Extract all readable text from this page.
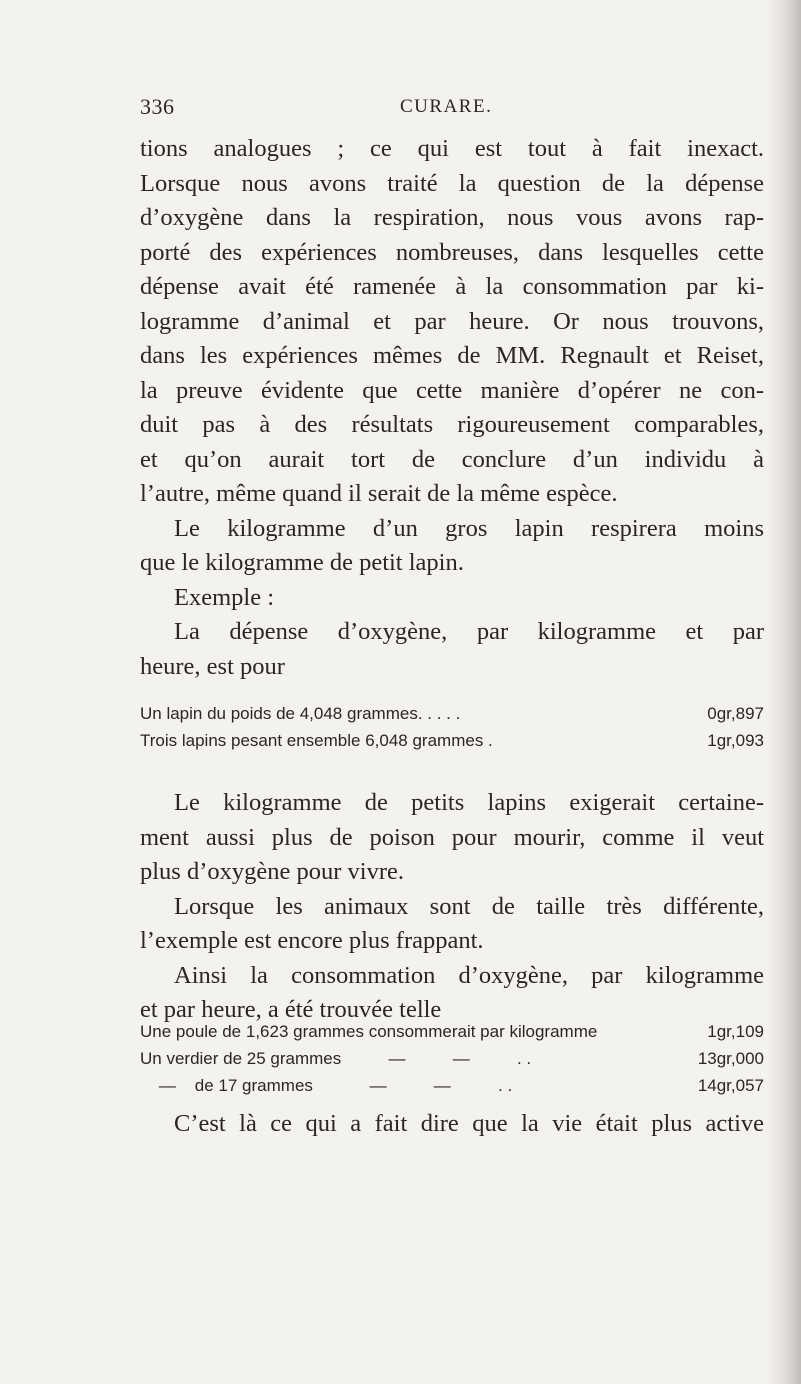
336	CURARE.
tions analogues ; ce qui est tout à fait inexact.
Lorsque nous avons traité la question de la dépense
d’oxygène dans la respiration, nous vous avons rap-
porté des expériences nombreuses, dans lesquelles cette
dépense avait été ramenée à la consommation par ki-
logramme d’animal et par heure. Or nous trouvons,
dans les expériences mêmes de MM. Regnault et Reiset,
la preuve évidente que cette manière d’opérer ne con-
duit pas à des résultats rigoureusement comparables,
et qu’on aurait tort de conclure d’un individu à
l’autre, même quand il serait de la même espèce.
Le kilogramme d’un gros lapin respirera moins
que le kilogramme de petit lapin.
Exemple :
La dépense d’oxygène, par kilogramme et par
heure, est pour
Un lapin du poids de 4,048 grammes. . . . .	0gr,897
Trois lapins pesant ensemble 6,048 grammes .	1gr,093
Le kilogramme de petits lapins exigerait certaine-
ment aussi plus de poison pour mourir, comme il veut
plus d’oxygène pour vivre.
Lorsque les animaux sont de taille très différente,
l’exemple est encore plus frappant.
Ainsi la consommation d’oxygène, par kilogramme
et par heure, a été trouvée telle
Une poule de 1,623 grammes consommerait par kilogramme	1gr,109
Un verdier de 25 grammes          —          —          . .	13gr,000
—    de 17 grammes            —          —          . .	14gr,057
C’est là ce qui a fait dire que la vie était plus active
